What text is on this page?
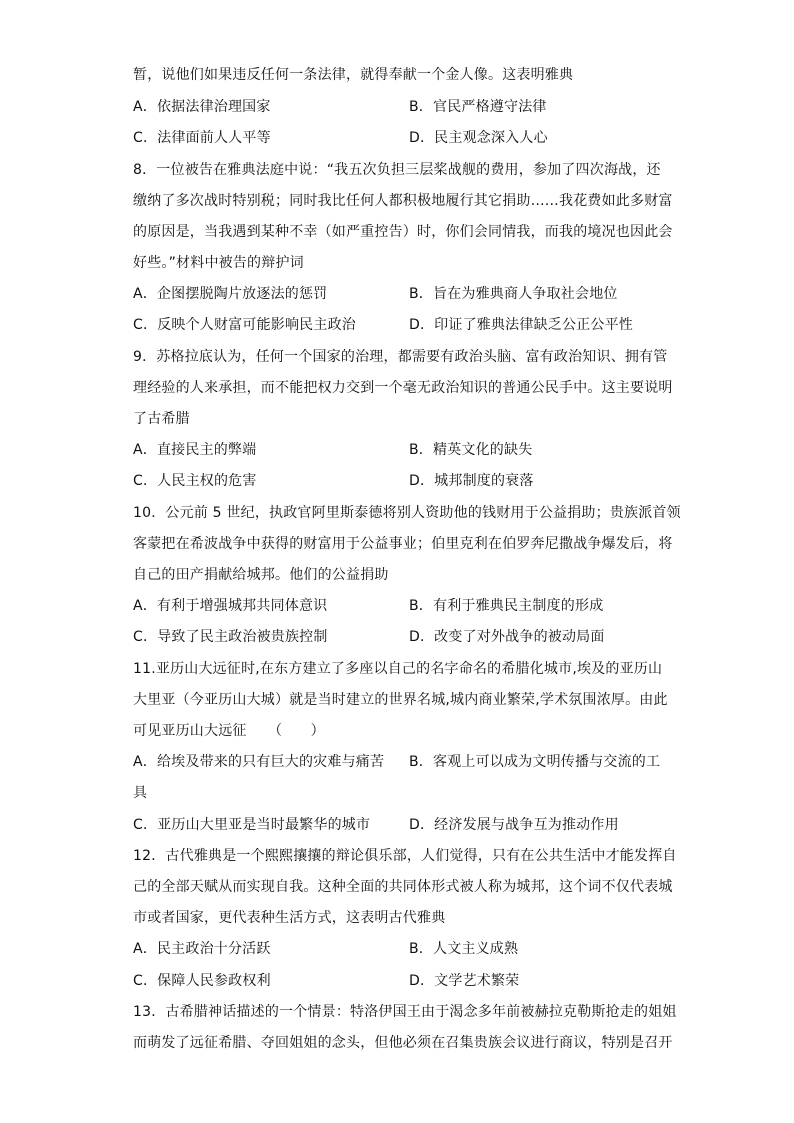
暂，说他们如果违反任何一条法律，就得奉献一个金人像。这表明雅典
A．依据法律治理国家	B．官民严格遵守法律
C．法律面前人人平等	D．民主观念深入人心
8．一位被告在雅典法庭中说：“我五次负担三层桨战舰的费用，参加了四次海战，还
缴纳了多次战时特别税；同时我比任何人都积极地履行其它捐助……我花费如此多财富
的原因是，当我遇到某种不幸（如严重控告）时，你们会同情我，而我的境况也因此会
好些。”材料中被告的辩护词
A．企图摆脱陶片放逐法的惩罚	B．旨在为雅典商人争取社会地位
C．反映个人财富可能影响民主政治	D．印证了雅典法律缺乏公正公平性
9．苏格拉底认为，任何一个国家的治理，都需要有政治头脑、富有政治知识、拥有管
理经验的人来承担，而不能把权力交到一个毫无政治知识的普通公民手中。这主要说明
了古希腊
A．直接民主的弊端	B．精英文化的缺失
C．人民主权的危害	D．城邦制度的衰落
10．公元前 5 世纪，执政官阿里斯泰德将别人资助他的钱财用于公益捐助；贵族派首领
客蒙把在希波战争中获得的财富用于公益事业；伯里克利在伯罗奔尼撒战争爆发后，将
自己的田产捐献给城邦。他们的公益捐助
A．有利于增强城邦共同体意识	B．有利于雅典民主制度的形成
C．导致了民主政治被贵族控制	D．改变了对外战争的被动局面
11.亚历山大远征时,在东方建立了多座以自己的名字命名的希腊化城市,埃及的亚历山
大里亚（今亚历山大城）就是当时建立的世界名城,城内商业繁荣,学术氛围浓厚。由此
可见亚历山大远征　　（　　）
A．给埃及带来的只有巨大的灾难与痛苦 B．客观上可以成为文明传播与交流的工
具
C．亚历山大里亚是当时最繁华的城市	D．经济发展与战争互为推动作用
12．古代雅典是一个熙熙攘攘的辩论俱乐部，人们觉得，只有在公共生活中才能发挥自
己的全部天赋从而实现自我。这种全面的共同体形式被人称为城邦，这个词不仅代表城
市或者国家，更代表种生活方式，这表明古代雅典
A．民主政治十分活跃	B．人文主义成熟
C．保障人民参政权利	D．文学艺术繁荣
13．古希腊神话描述的一个情景：特洛伊国王由于渴念多年前被赫拉克勒斯抢走的姐姐
而萌发了远征希腊、夺回姐姐的念头，但他必须在召集贵族会议进行商议，特别是召开
